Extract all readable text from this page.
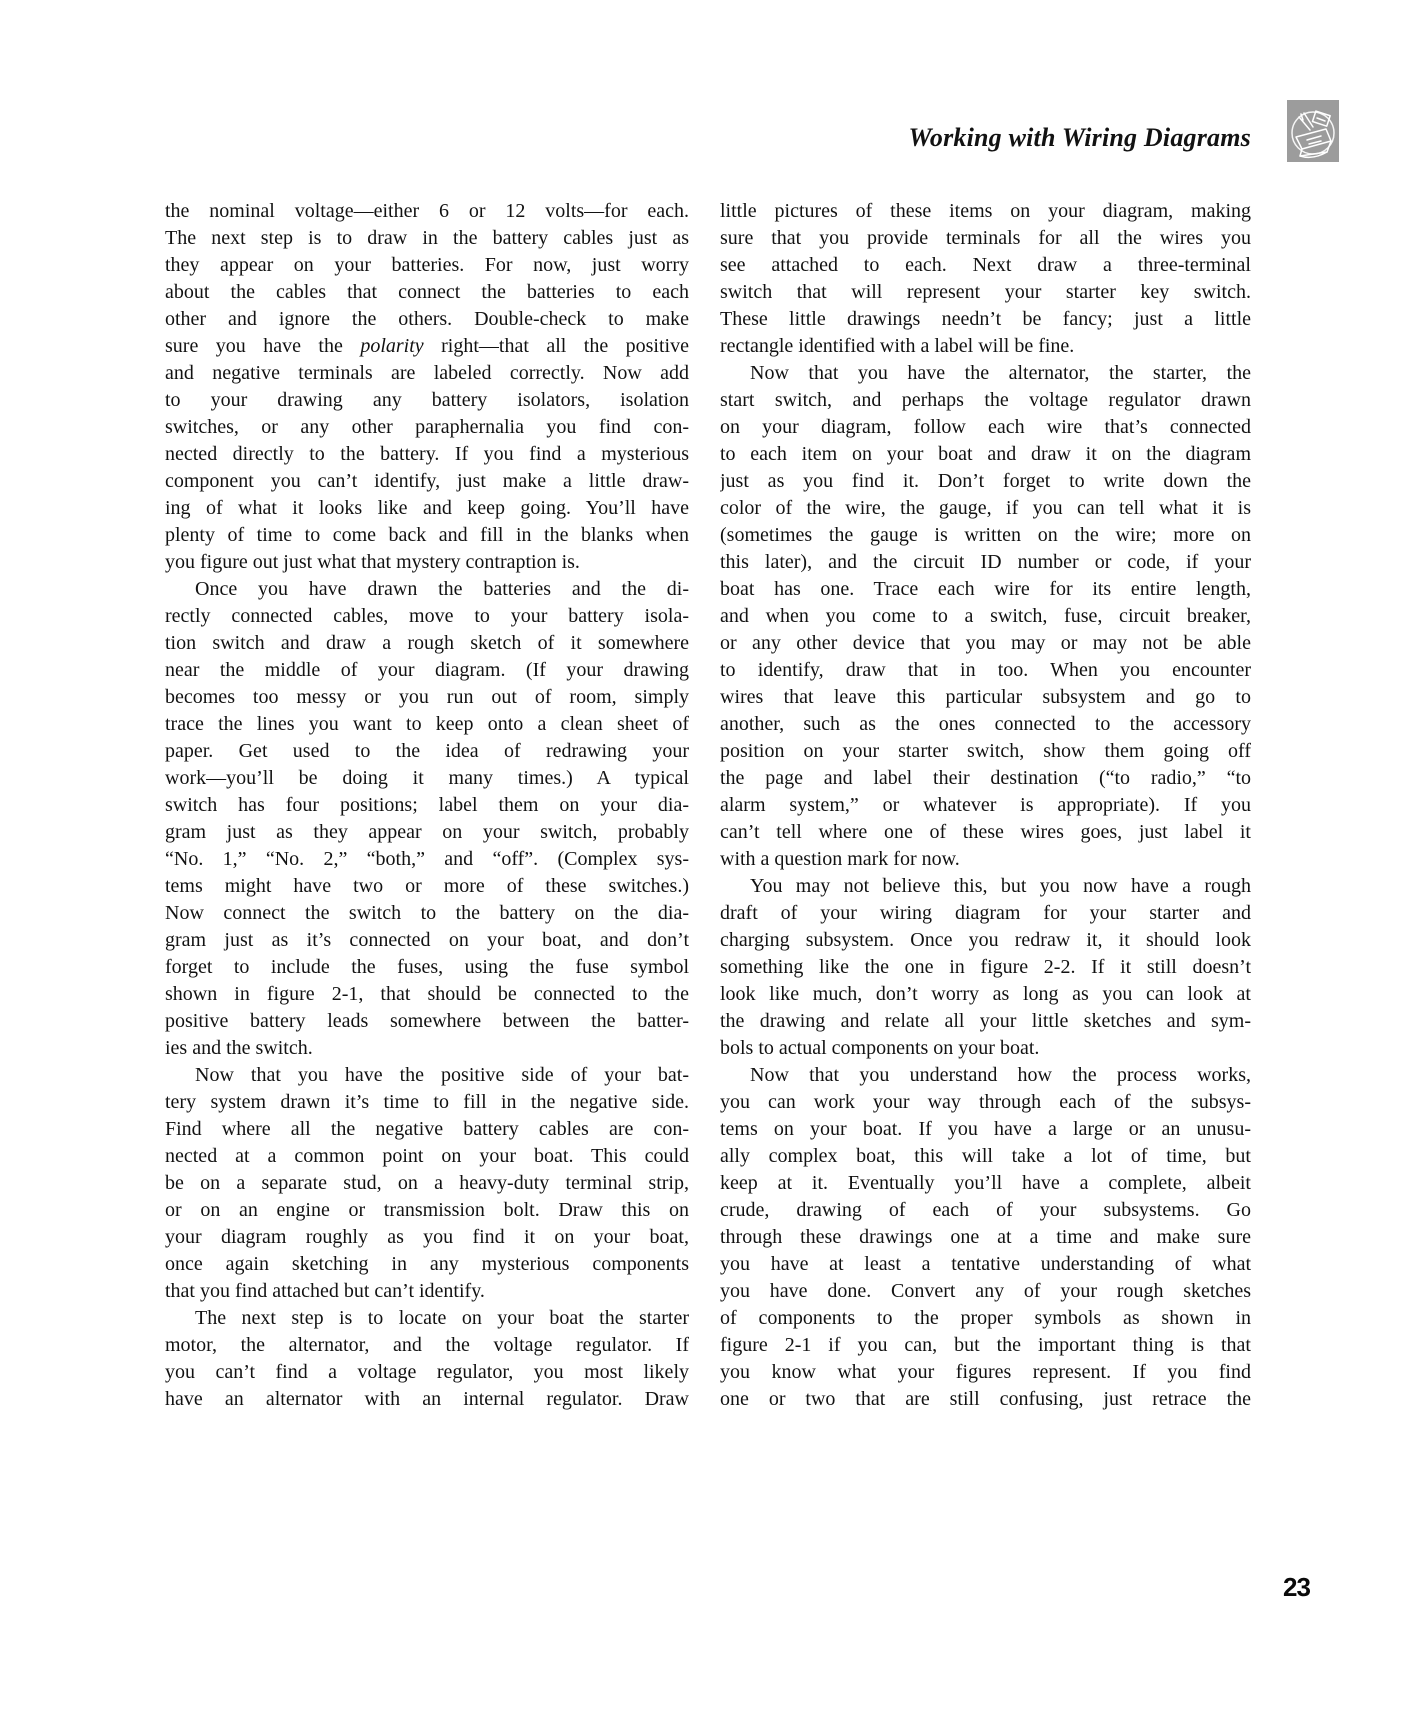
Working with Wiring Diagrams
the nominal voltage—either 6 or 12 volts—for each.
The next step is to draw in the battery cables just as
they appear on your batteries. For now, just worry
about the cables that connect the batteries to each
other and ignore the others. Double-check to make
sure you have the polarity right—that all the positive
and negative terminals are labeled correctly. Now add
to your drawing any battery isolators, isolation
switches, or any other paraphernalia you find con-
nected directly to the battery. If you find a mysterious
component you can’t identify, just make a little draw-
ing of what it looks like and keep going. You’ll have
plenty of time to come back and fill in the blanks when
you figure out just what that mystery contraption is.
Once you have drawn the batteries and the di-
rectly connected cables, move to your battery isola-
tion switch and draw a rough sketch of it somewhere
near the middle of your diagram. (If your drawing
becomes too messy or you run out of room, simply
trace the lines you want to keep onto a clean sheet of
paper. Get used to the idea of redrawing your
work—you’ll be doing it many times.) A typical
switch has four positions; label them on your dia-
gram just as they appear on your switch, probably
“No. 1,” “No. 2,” “both,” and “off”. (Complex sys-
tems might have two or more of these switches.)
Now connect the switch to the battery on the dia-
gram just as it’s connected on your boat, and don’t
forget to include the fuses, using the fuse symbol
shown in figure 2-1, that should be connected to the
positive battery leads somewhere between the batter-
ies and the switch.
Now that you have the positive side of your bat-
tery system drawn it’s time to fill in the negative side.
Find where all the negative battery cables are con-
nected at a common point on your boat. This could
be on a separate stud, on a heavy-duty terminal strip,
or on an engine or transmission bolt. Draw this on
your diagram roughly as you find it on your boat,
once again sketching in any mysterious components
that you find attached but can’t identify.
The next step is to locate on your boat the starter
motor, the alternator, and the voltage regulator. If
you can’t find a voltage regulator, you most likely
have an alternator with an internal regulator. Draw
little pictures of these items on your diagram, making
sure that you provide terminals for all the wires you
see attached to each. Next draw a three-terminal
switch that will represent your starter key switch.
These little drawings needn’t be fancy; just a little
rectangle identified with a label will be fine.
Now that you have the alternator, the starter, the
start switch, and perhaps the voltage regulator drawn
on your diagram, follow each wire that’s connected
to each item on your boat and draw it on the diagram
just as you find it. Don’t forget to write down the
color of the wire, the gauge, if you can tell what it is
(sometimes the gauge is written on the wire; more on
this later), and the circuit ID number or code, if your
boat has one. Trace each wire for its entire length,
and when you come to a switch, fuse, circuit breaker,
or any other device that you may or may not be able
to identify, draw that in too. When you encounter
wires that leave this particular subsystem and go to
another, such as the ones connected to the accessory
position on your starter switch, show them going off
the page and label their destination (“to radio,” “to
alarm system,” or whatever is appropriate). If you
can’t tell where one of these wires goes, just label it
with a question mark for now.
You may not believe this, but you now have a rough
draft of your wiring diagram for your starter and
charging subsystem. Once you redraw it, it should look
something like the one in figure 2-2. If it still doesn’t
look like much, don’t worry as long as you can look at
the drawing and relate all your little sketches and sym-
bols to actual components on your boat.
Now that you understand how the process works,
you can work your way through each of the subsys-
tems on your boat. If you have a large or an unusu-
ally complex boat, this will take a lot of time, but
keep at it. Eventually you’ll have a complete, albeit
crude, drawing of each of your subsystems. Go
through these drawings one at a time and make sure
you have at least a tentative understanding of what
you have done. Convert any of your rough sketches
of components to the proper symbols as shown in
figure 2-1 if you can, but the important thing is that
you know what your figures represent. If you find
one or two that are still confusing, just retrace the
23
